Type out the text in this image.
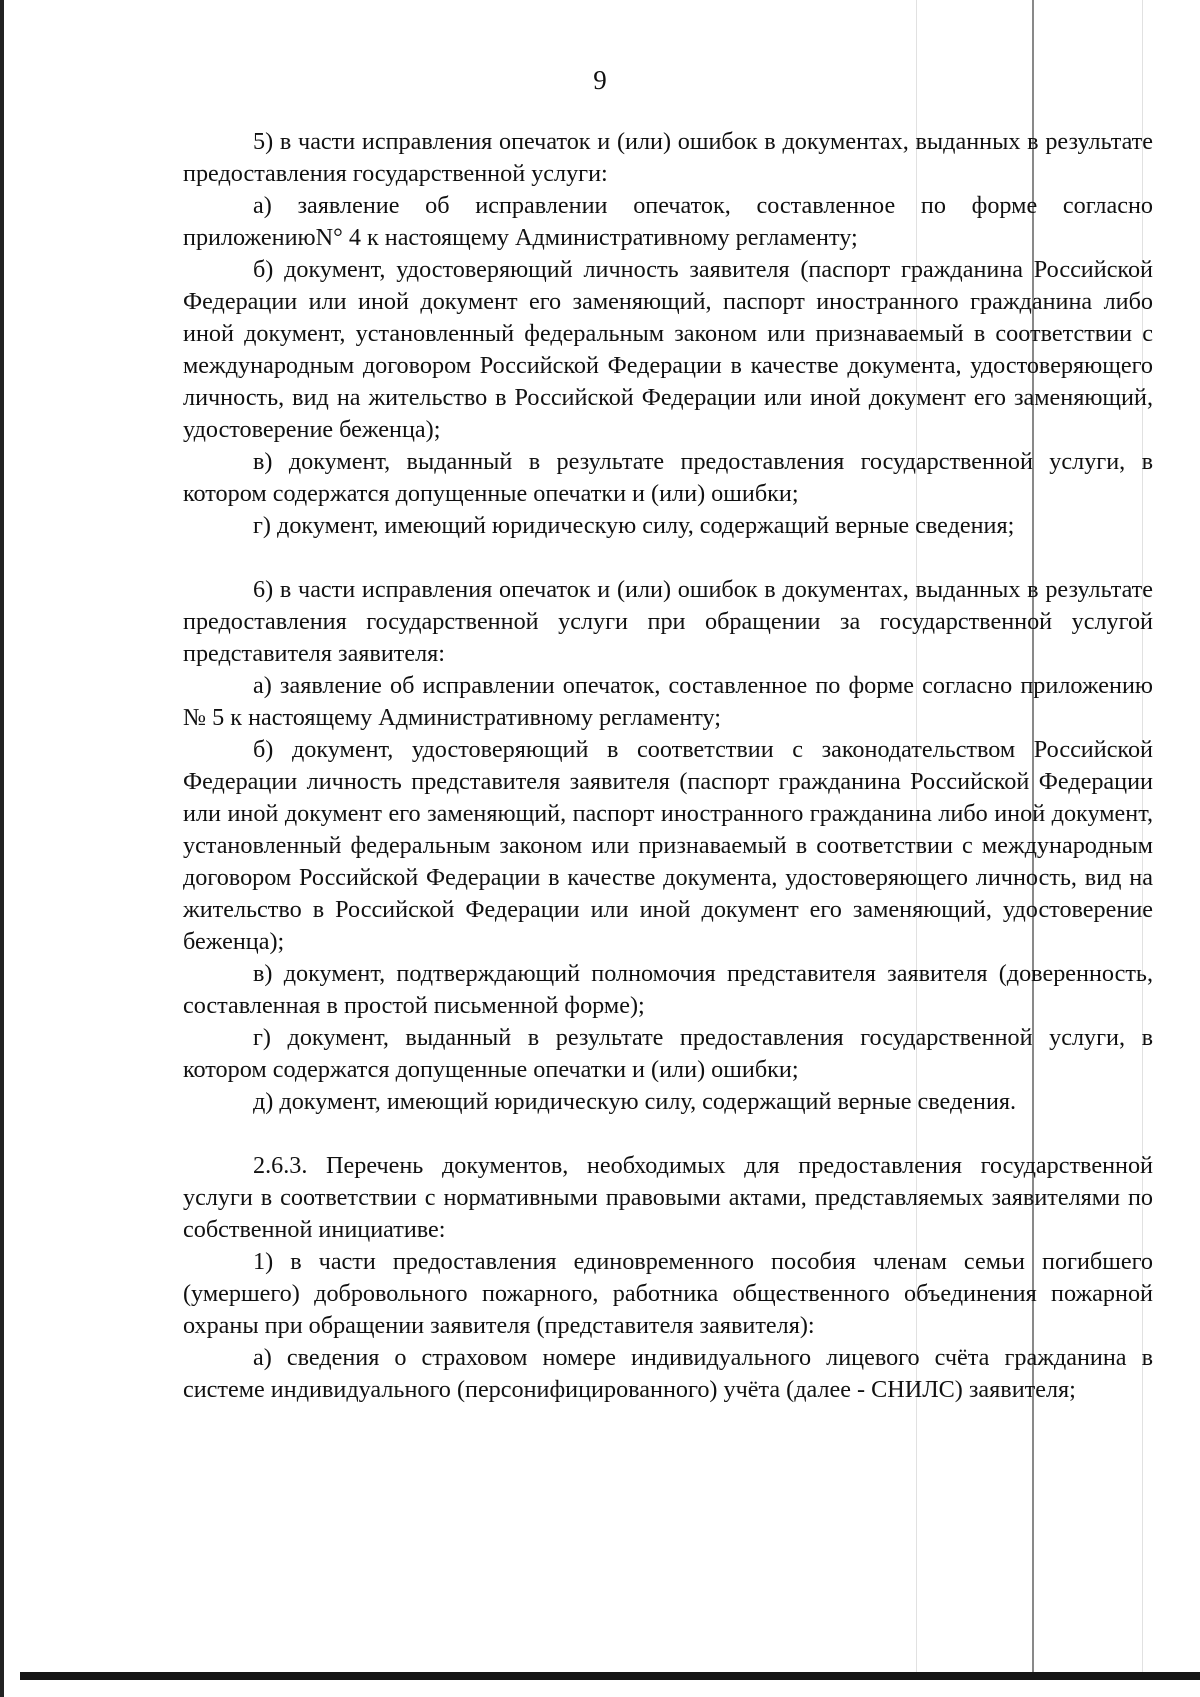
9

5) в части исправления опечаток и (или) ошибок в документах, выданных в результате предоставления государственной услуги:

а) заявление об исправлении опечаток, составленное по форме согласно приложениюN° 4 к настоящему Административному регламенту;

б) документ, удостоверяющий личность заявителя (паспорт гражданина Российской Федерации или иной документ его заменяющий, паспорт иностранного гражданина либо иной документ, установленный федеральным законом или признаваемый в соответствии с международным договором Российской Федерации в качестве документа, удостоверяющего личность, вид на жительство в Российской Федерации или иной документ его заменяющий, удостоверение беженца);

в) документ, выданный в результате предоставления государственной услуги, в котором содержатся допущенные опечатки и (или) ошибки;

г) документ, имеющий юридическую силу, содержащий верные сведения;

6) в части исправления опечаток и (или) ошибок в документах, выданных в результате предоставления государственной услуги при обращении за государственной услугой представителя заявителя:

а) заявление об исправлении опечаток, составленное по форме согласно приложению № 5 к настоящему Административному регламенту;

б) документ, удостоверяющий в соответствии с законодательством Российской Федерации личность представителя заявителя (паспорт гражданина Российской Федерации или иной документ его заменяющий, паспорт иностранного гражданина либо иной документ, установленный федеральным законом или признаваемый в соответствии с международным договором Российской Федерации в качестве документа, удостоверяющего личность, вид на жительство в Российской Федерации или иной документ его заменяющий, удостоверение беженца);

в) документ, подтверждающий полномочия представителя заявителя (доверенность, составленная в простой письменной форме);

г) документ, выданный в результате предоставления государственной услуги, в котором содержатся допущенные опечатки и (или) ошибки;

д) документ, имеющий юридическую силу, содержащий верные сведения.

2.6.3. Перечень документов, необходимых для предоставления государственной услуги в соответствии с нормативными правовыми актами, представляемых заявителями по собственной инициативе:

1) в части предоставления единовременного пособия членам семьи погибшего (умершего) добровольного пожарного, работника общественного объединения пожарной охраны при обращении заявителя (представителя заявителя):

а) сведения о страховом номере индивидуального лицевого счёта гражданина в системе индивидуального (персонифицированного) учёта (далее - СНИЛС) заявителя;
